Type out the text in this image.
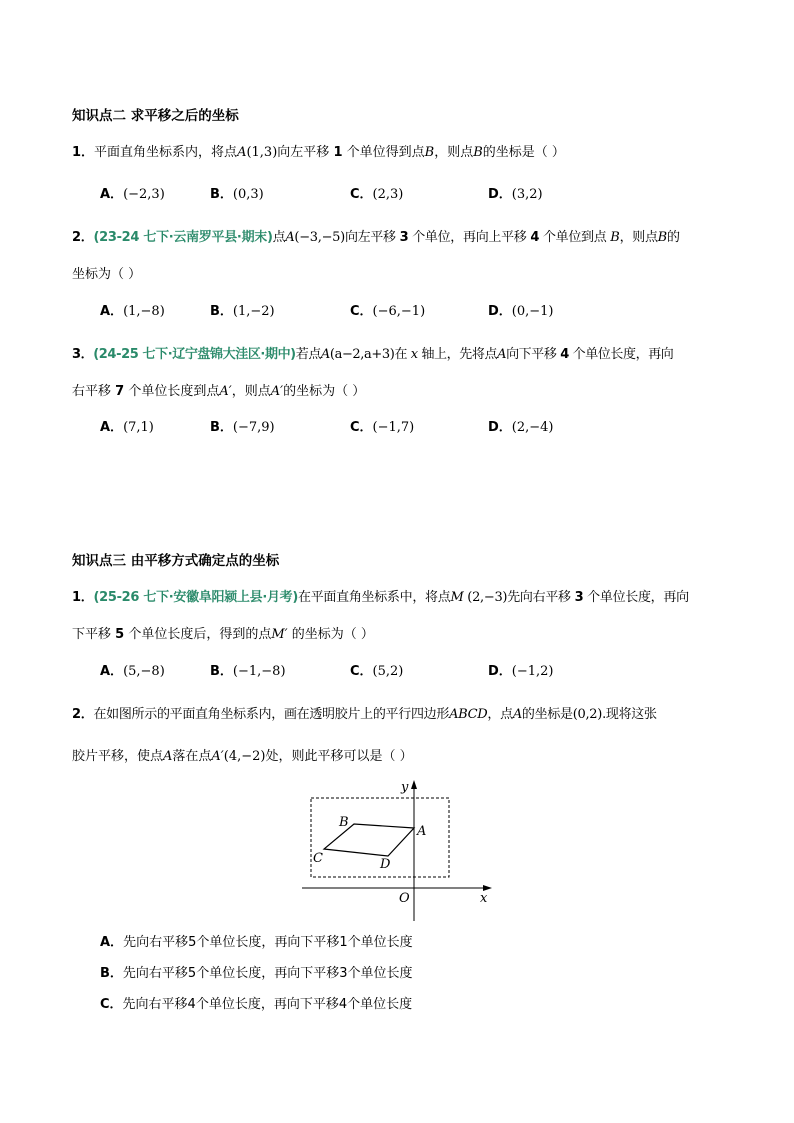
知识点二 求平移之后的坐标
1．平面直角坐标系内，将点A(1,3)向左平移 1 个单位得到点B，则点B的坐标是（ ）
A．(−2,3)	B．(0,3)	C．(2,3)	D．(3,2)
2．(23-24 七下·云南罗平县·期末)点A(−3,−5)向左平移 3 个单位，再向上平移 4 个单位到点 B，则点B的
坐标为（ ）
A．(1,−8)	B．(1,−2)	C．(−6,−1)	D．(0,−1)
3．(24-25 七下·辽宁盘锦大洼区·期中)若点A(a−2,a+3)在 x 轴上，先将点A向下平移 4 个单位长度，再向
右平移 7 个单位长度到点A′，则点A′的坐标为（ ）
A．(7,1)	B．(−7,9)	C．(−1,7)	D．(2,−4)
知识点三 由平移方式确定点的坐标
1．(25-26 七下·安徽阜阳颍上县·月考)在平面直角坐标系中，将点M (2,−3)先向右平移 3 个单位长度，再向
下平移 5 个单位长度后，得到的点M′ 的坐标为（ ）
A．(5,−8)	B．(−1,−8)	C．(5,2)	D．(−1,2)
2．在如图所示的平面直角坐标系内，画在透明胶片上的平行四边形ABCD，点A的坐标是(0,2).现将这张
胶片平移，使点A落在点A′(4,−2)处，则此平移可以是（ ）
y
x
O
A
B
C	D
A．先向右平移5个单位长度，再向下平移1个单位长度
B．先向右平移5个单位长度，再向下平移3个单位长度
C．先向右平移4个单位长度，再向下平移4个单位长度
